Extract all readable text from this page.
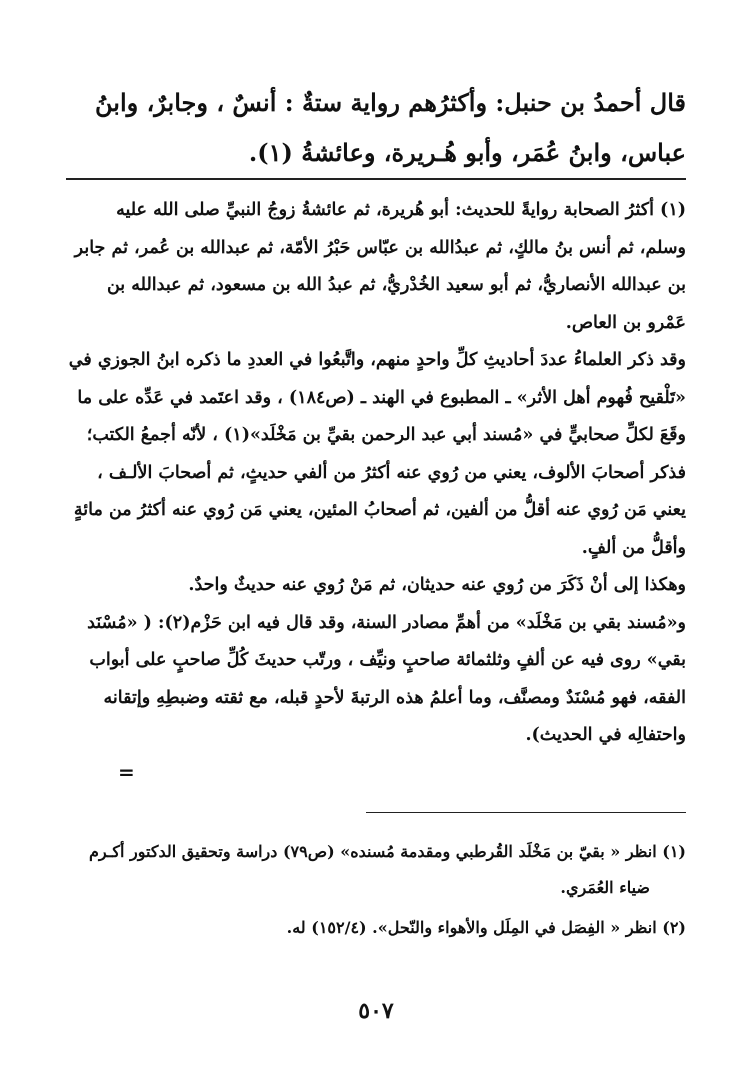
قال أحمدُ بن حنبل: وأكثرُهم رواية ستةٌ : أنسٌ ، وجابرٌ، وابنُ عباس، وابنُ عُمَر، وأبو هُـريرة، وعائشةُ (١).

(١) أكثرُ الصحابة روايةً للحديث: أبو هُريرة، ثم عائشةُ زوجُ النبيِّ صلى الله عليه وسلم، ثم أنس بنُ مالكٍ، ثم عبدُالله بن عبّاس حَبْرُ الأمّة، ثم عبدالله بن عُمر، ثم جابر بن عبدالله الأنصاريُّ، ثم أبو سعيد الخُدْريُّ، ثم عبدُ الله بن مسعود، ثم عبدالله بن عَمْرو بن العاص.

وقد ذكر العلماءُ عددَ أحاديثِ كلِّ واحدٍ منهم، واتَّبعُوا في العددِ ما ذكره ابنُ الجوزي في «تَلْقيح فُهوم أهل الأثر» ـ المطبوع في الهند ـ (ص١٨٤) ، وقد اعتَمد في عَدِّه على ما وقَعَ لكلِّ صحابيٍّ في «مُسند أبي عبد الرحمن بقيِّ بن مَخْلَد»(١) ، لأنّه أجمعُ الكتب؛ فذكر أصحابَ الألوف، يعني من رُوي عنه أكثرُ من ألفي حديثٍ، ثم أصحابَ الألـف ، يعني مَن رُوي عنه أقلُّ من ألفين، ثم أصحابُ المئين، يعني مَن رُوي عنه أكثرُ من مائةٍ وأقلُّ من ألفٍ.

وهكذا إلى أنْ ذَكَرَ من رُوي عنه حديثان، ثم مَنْ رُوي عنه حديثٌ واحدٌ.

و«مُسند بقي بن مَخْلَد» من أهمِّ مصادر السنة، وقد قال فيه ابن حَزْم(٢): ( «مُسْنَد بقي» روى فيه عن ألفٍ وثلثمائة صاحبٍ ونيِّف ، ورتّب حديثَ كُلِّ صاحبٍ على أبواب الفقه، فهو مُسْنَدٌ ومصنَّف، وما أعلمُ هذه الرتبةَ لأحدٍ قبله، مع ثقته وضبطِهِ وإتقانه واحتفالِه في الحديث).

=

(١) انظر « بقيّ بن مَخْلَد القُرطبي ومقدمة مُسنده» (ص٧٩) دراسة وتحقيق الدكتور أكـرم
ضياء العُمَري.

(٢) انظر « الفِصَل في المِلَل والأهواء والنّحل». (١٥٢/٤) له.

٥٠٧
